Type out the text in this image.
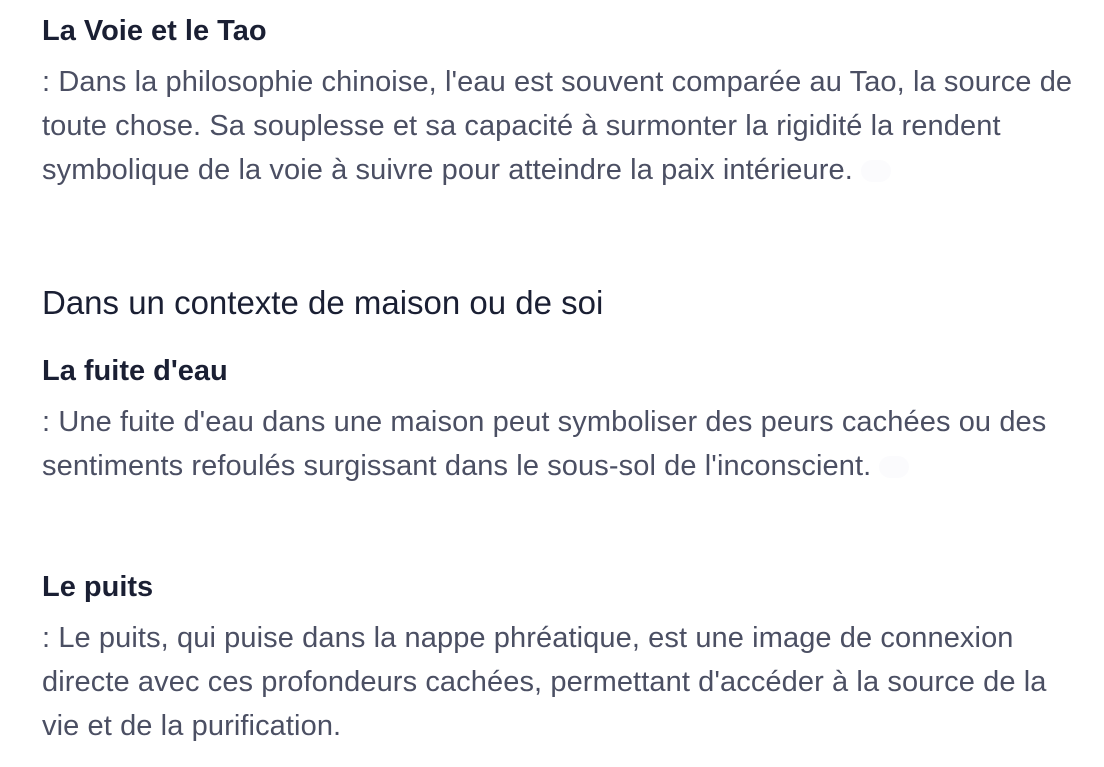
La Voie et le Tao

: Dans la philosophie chinoise, l'eau est souvent comparée au Tao, la source de toute chose. Sa souplesse et sa capacité à surmonter la rigidité la rendent symbolique de la voie à suivre pour atteindre la paix intérieure.

Dans un contexte de maison ou de soi

La fuite d'eau

: Une fuite d'eau dans une maison peut symboliser des peurs cachées ou des sentiments refoulés surgissant dans le sous-sol de l'inconscient.

Le puits

: Le puits, qui puise dans la nappe phréatique, est une image de connexion directe avec ces profondeurs cachées, permettant d'accéder à la source de la vie et de la purification.
